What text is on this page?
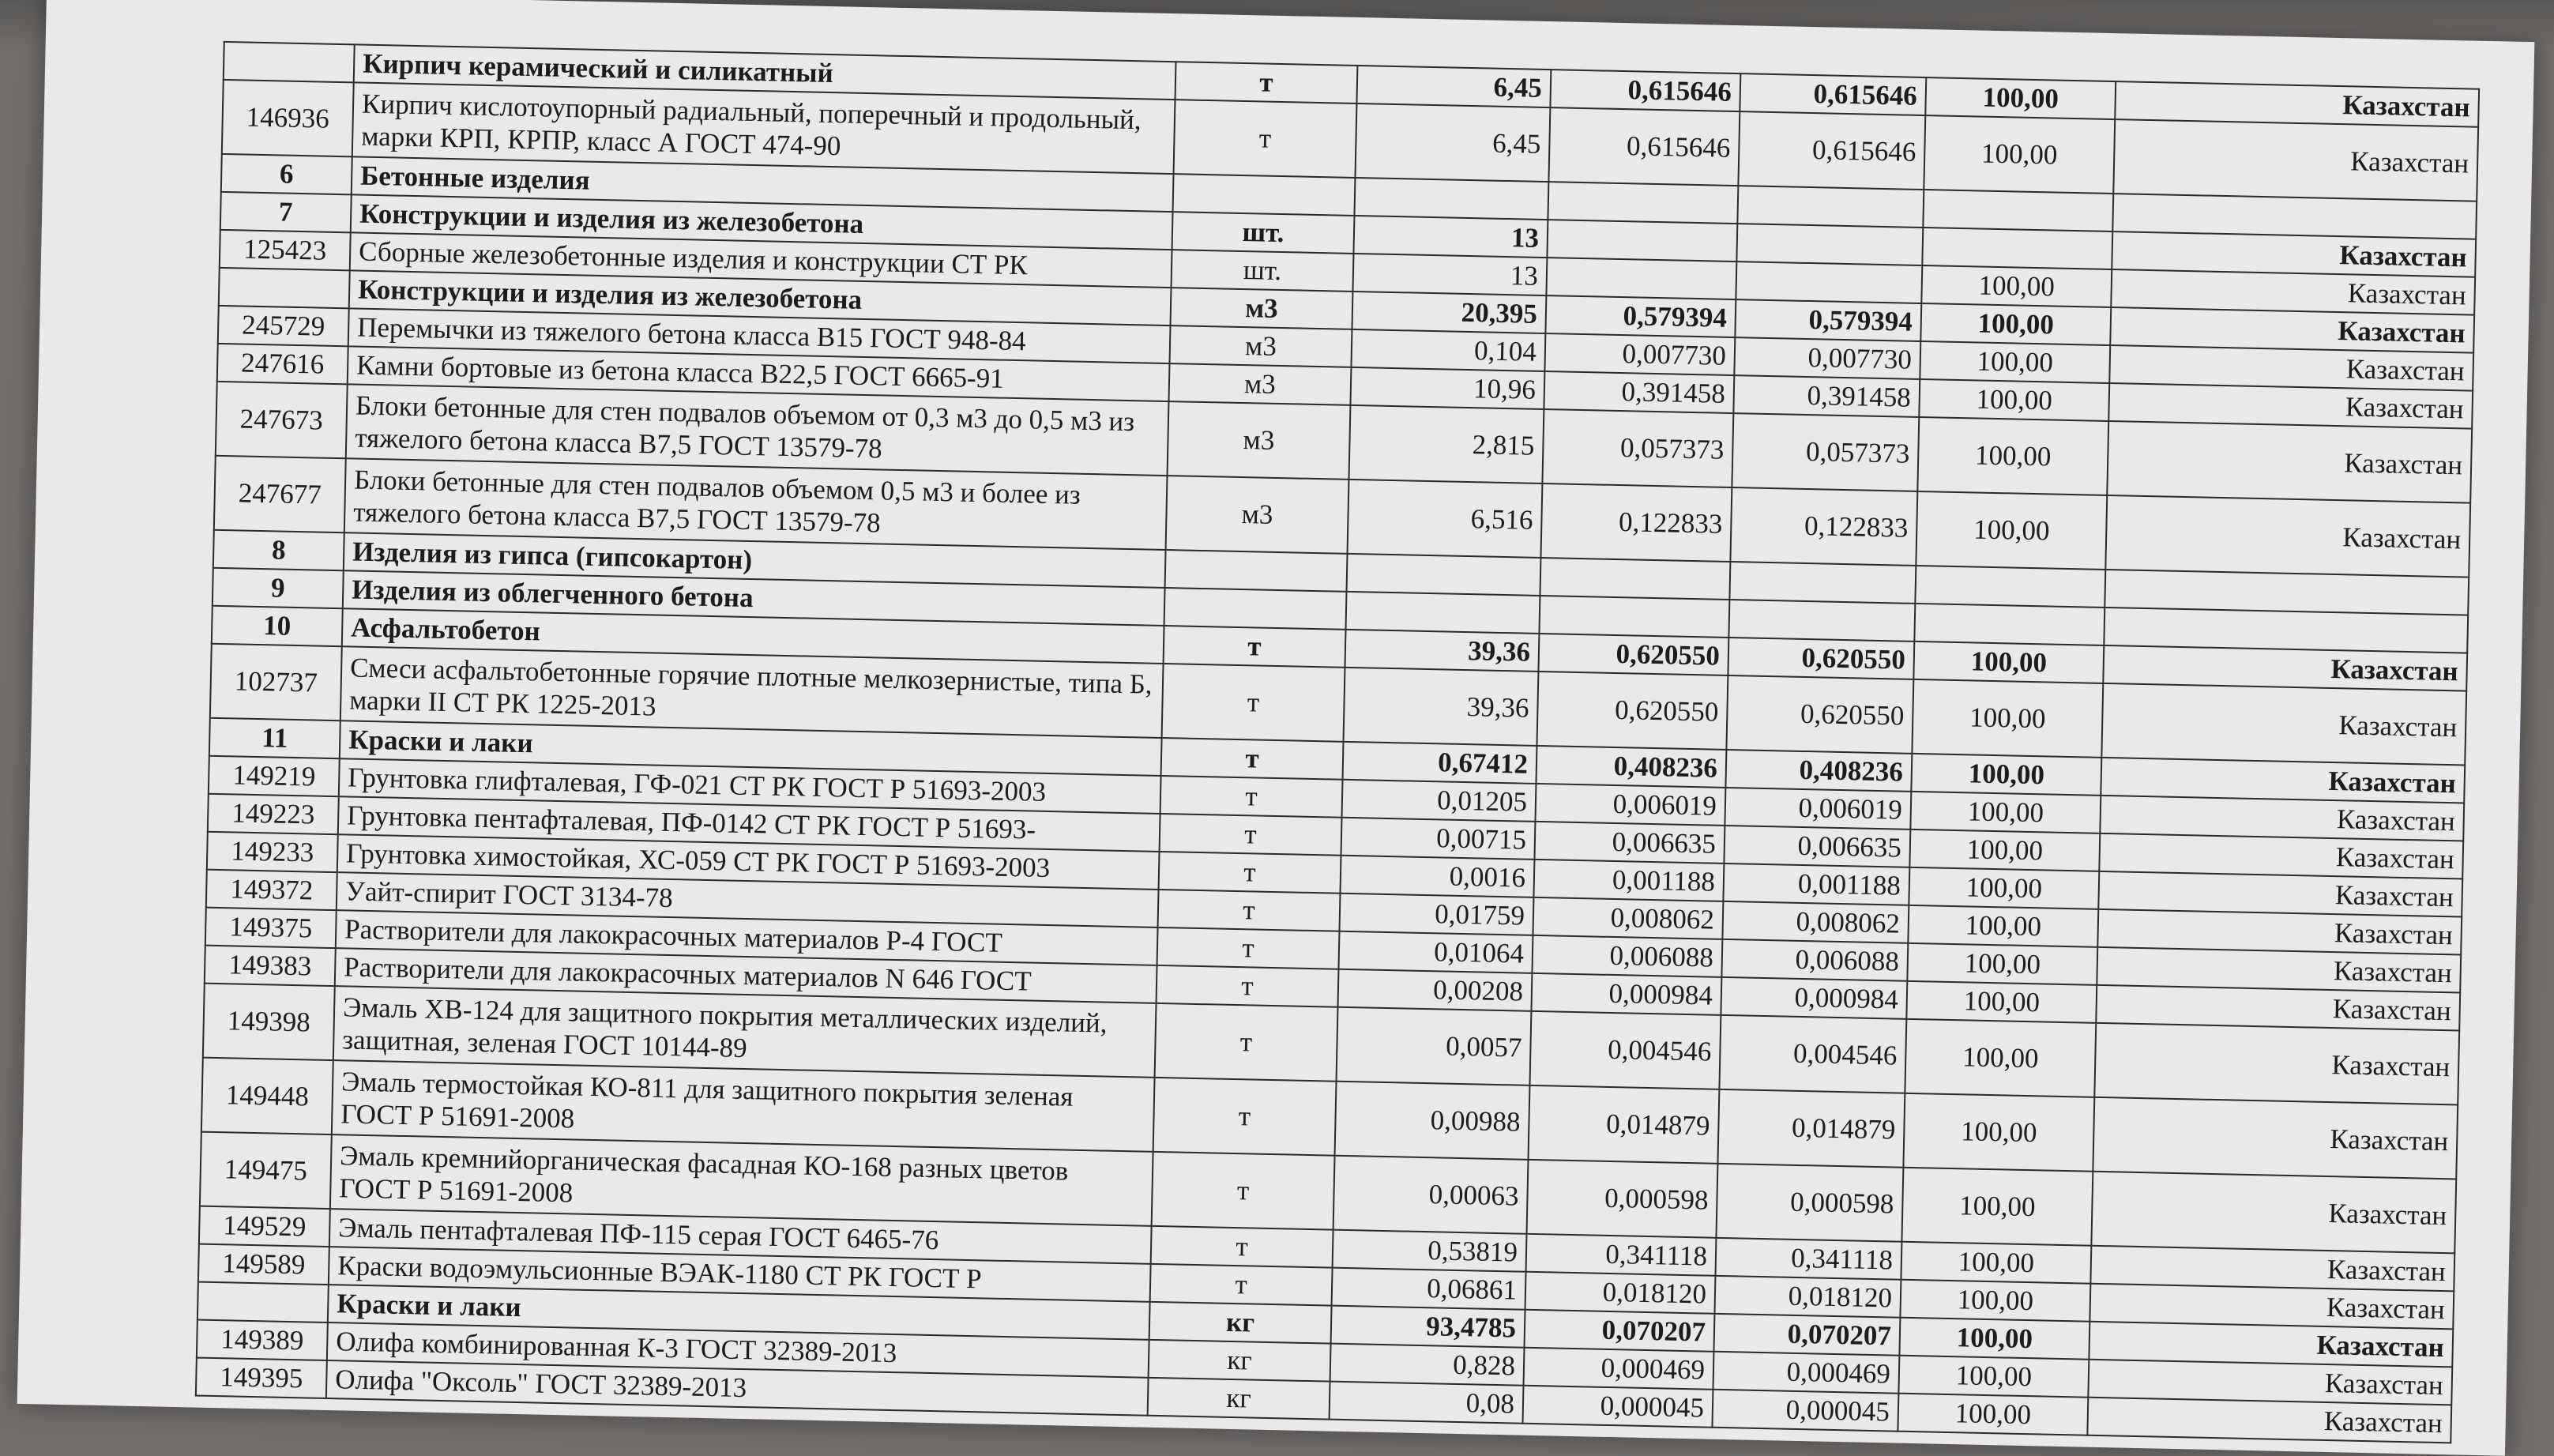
	Кирпич керамический и силикатный	т	6,45	0,615646	0,615646	100,00	Казахстан
146936	Кирпич кислотоупорный радиальный, поперечный и продольный, марки КРП, КРПР, класс А ГОСТ 474-90	т	6,45	0,615646	0,615646	100,00	Казахстан
6	Бетонные изделия						
7	Конструкции и изделия из железобетона	шт.	13				Казахстан
125423	Сборные железобетонные изделия и конструкции СТ РК	шт.	13			100,00	Казахстан
	Конструкции и изделия из железобетона	м3	20,395	0,579394	0,579394	100,00	Казахстан
245729	Перемычки из тяжелого бетона класса В15 ГОСТ 948-84	м3	0,104	0,007730	0,007730	100,00	Казахстан
247616	Камни бортовые из бетона класса В22,5 ГОСТ 6665-91	м3	10,96	0,391458	0,391458	100,00	Казахстан
247673	Блоки бетонные для стен подвалов объемом от 0,3 м3 до 0,5 м3 из тяжелого бетона класса В7,5 ГОСТ 13579-78	м3	2,815	0,057373	0,057373	100,00	Казахстан
247677	Блоки бетонные для стен подвалов объемом 0,5 м3 и более из тяжелого бетона класса В7,5 ГОСТ 13579-78	м3	6,516	0,122833	0,122833	100,00	Казахстан
8	Изделия из гипса (гипсокартон)						
9	Изделия из облегченного бетона						
10	Асфальтобетон	т	39,36	0,620550	0,620550	100,00	Казахстан
102737	Смеси асфальтобетонные горячие плотные мелкозернистые, типа Б, марки II СТ РК 1225-2013	т	39,36	0,620550	0,620550	100,00	Казахстан
11	Краски и лаки	т	0,67412	0,408236	0,408236	100,00	Казахстан
149219	Грунтовка глифталевая, ГФ-021 СТ РК ГОСТ Р 51693-2003	т	0,01205	0,006019	0,006019	100,00	Казахстан
149223	Грунтовка пентафталевая, ПФ-0142 СТ РК ГОСТ Р 51693-	т	0,00715	0,006635	0,006635	100,00	Казахстан
149233	Грунтовка химостойкая, ХС-059 СТ РК ГОСТ Р 51693-2003	т	0,0016	0,001188	0,001188	100,00	Казахстан
149372	Уайт-спирит ГОСТ 3134-78	т	0,01759	0,008062	0,008062	100,00	Казахстан
149375	Растворители для лакокрасочных материалов Р-4 ГОСТ	т	0,01064	0,006088	0,006088	100,00	Казахстан
149383	Растворители для лакокрасочных материалов N 646 ГОСТ	т	0,00208	0,000984	0,000984	100,00	Казахстан
149398	Эмаль ХВ-124 для защитного покрытия металлических изделий, защитная, зеленая ГОСТ 10144-89	т	0,0057	0,004546	0,004546	100,00	Казахстан
149448	Эмаль термостойкая КО-811 для защитного покрытия зеленая ГОСТ Р 51691-2008	т	0,00988	0,014879	0,014879	100,00	Казахстан
149475	Эмаль кремнийорганическая фасадная КО-168 разных цветов ГОСТ Р 51691-2008	т	0,00063	0,000598	0,000598	100,00	Казахстан
149529	Эмаль пентафталевая ПФ-115 серая ГОСТ 6465-76	т	0,53819	0,341118	0,341118	100,00	Казахстан
149589	Краски водоэмульсионные ВЭАК-1180 СТ РК ГОСТ Р	т	0,06861	0,018120	0,018120	100,00	Казахстан
	Краски и лаки	кг	93,4785	0,070207	0,070207	100,00	Казахстан
149389	Олифа комбинированная К-3 ГОСТ 32389-2013	кг	0,828	0,000469	0,000469	100,00	Казахстан
149395	Олифа "Оксоль" ГОСТ 32389-2013	кг	0,08	0,000045	0,000045	100,00	Казахстан
